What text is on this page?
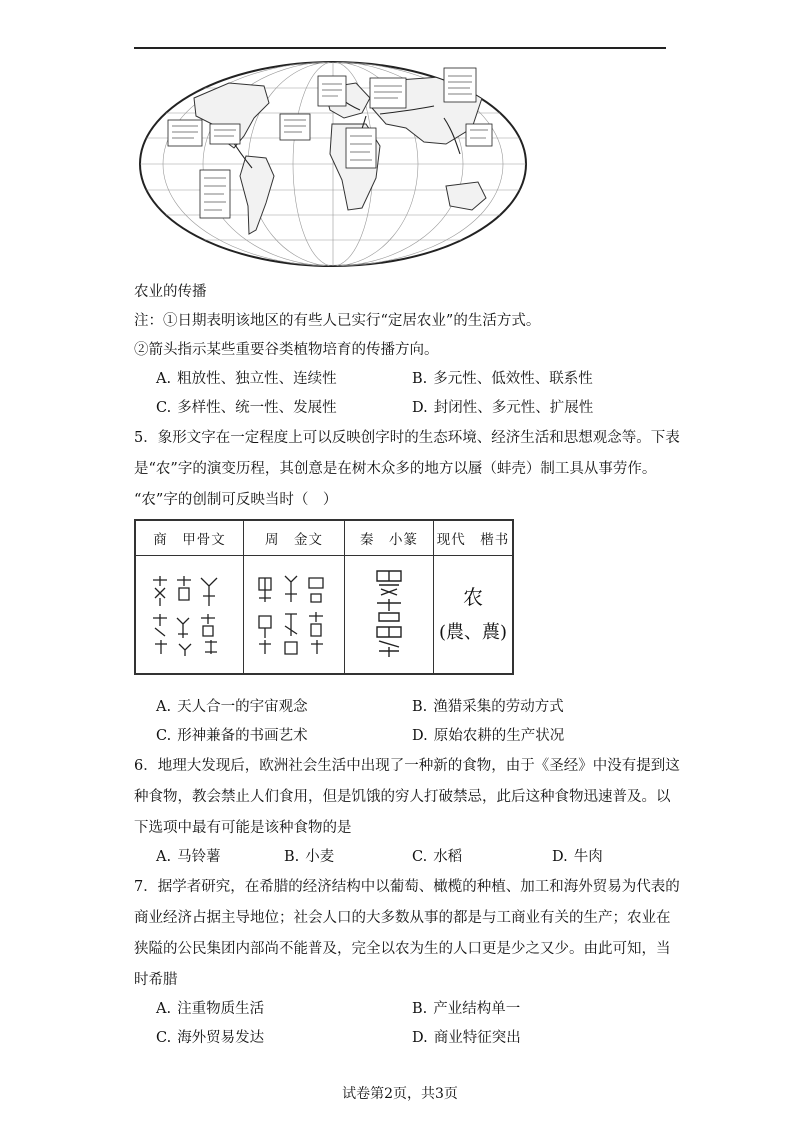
农业的传播
注：①日期表明该地区的有些人已实行“定居农业”的生活方式。
②箭头指示某些重要谷类植物培育的传播方向。
A. 粗放性、独立性、连续性	B. 多元性、低效性、联系性
C. 多样性、统一性、发展性	D. 封闭性、多元性、扩展性
5．象形文字在一定程度上可以反映创字时的生态环境、经济生活和思想观念等。下表
是“农”字的演变历程，其创意是在树木众多的地方以蜃（蚌壳）制工具从事劳作。
“农”字的创制可反映当时（　）
商　甲骨文	周　金文	秦　小篆	现代　楷书

农
(農、蕽)
A. 天人合一的宇宙观念	B. 渔猎采集的劳动方式
C. 形神兼备的书画艺术	D. 原始农耕的生产状况
6．地理大发现后，欧洲社会生活中出现了一种新的食物，由于《圣经》中没有提到这
种食物，教会禁止人们食用，但是饥饿的穷人打破禁忌，此后这种食物迅速普及。以
下选项中最有可能是该种食物的是
A. 马铃薯	B. 小麦	C. 水稻	D. 牛肉
7．据学者研究，在希腊的经济结构中以葡萄、橄榄的种植、加工和海外贸易为代表的
商业经济占据主导地位；社会人口的大多数从事的都是与工商业有关的生产；农业在
狭隘的公民集团内部尚不能普及，完全以农为生的人口更是少之又少。由此可知，当
时希腊
A. 注重物质生活	B. 产业结构单一
C. 海外贸易发达	D. 商业特征突出
试卷第2页，共3页
